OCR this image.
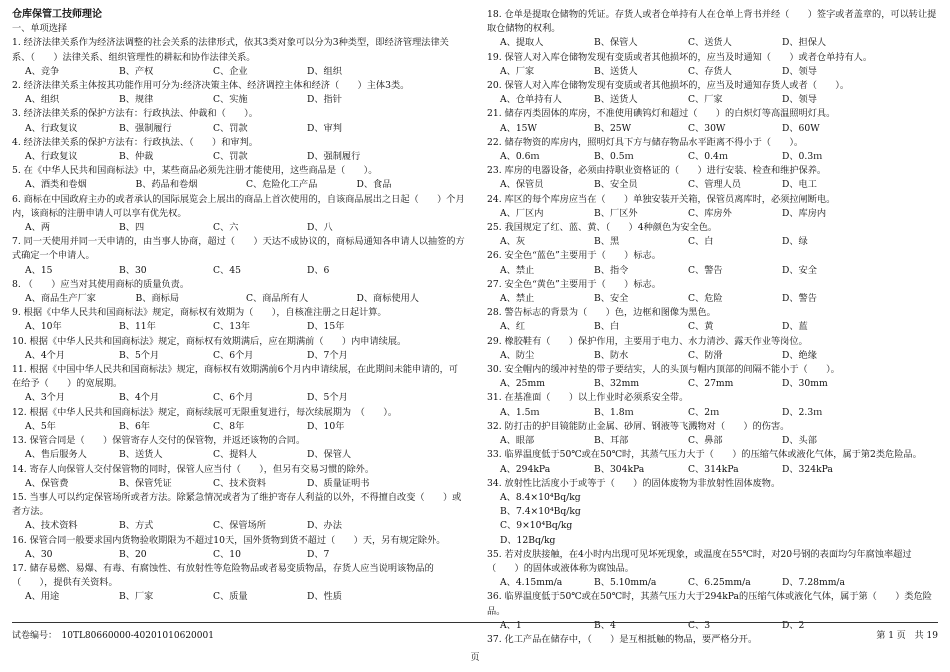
仓库保管工技师理论
一、单项选择
1. 经济法律关系作为经济法调整的社会关系的法律形式，依其3类对象可以分为3种类型，即经济管理法律关系、（　　）法律关系、组织管理性的耕耘和协作法律关系。
A、竞争	B、产权	C、企业	D、组织
2. 经济法律关系主体按其功能作用可分为:经济决策主体、经济调控主体和经济（　　）主体3类。
A、组织	B、规律	C、实施	D、指针
3. 经济法律关系的保护方法有：行政执法、仲裁和（　　）。
A、行政复议	B、强制履行	C、罚款	D、审判
4. 经济法律关系的保护方法有：行政执法、（　　）和审判。
A、行政复议	B、仲裁	C、罚款	D、强制履行
5. 在《中华人民共和国商标法》中，某些商品必须先注册才能使用，这些商品是（　　）。
A、酒类和卷烟	B、药品和卷烟	C、危险化工产品	D、食品
6. 商标在中国政府主办的或者承认的国际展览会上展出的商品上首次使用的，自该商品展出之日起（　　）个月内，该商标的注册申请人可以享有优先权。
A、两	B、四	C、六	D、八
7. 同一天使用并同一天申请的，由当事人协商，超过（　　）天达不成协议的，商标局通知各申请人以抽签的方式确定一个申请人。
A、15	B、30	C、45	D、6
8. （　　）应当对其使用商标的质量负责。
A、商品生产厂家	B、商标局	C、商品所有人	D、商标使用人
9. 根据《中华人民共和国商标法》规定，商标权有效期为（　　），自核准注册之日起计算。
A、10年	B、11年	C、13年	D、15年
10. 根据《中华人民共和国商标法》规定，商标权有效期满后，应在期满前（　　）内申请续展。
A、4个月	B、5个月	C、6个月	D、7个月
11. 根据《中国中华人民共和国商标法》规定，商标权有效期满前6个月内申请续展，在此期间未能申请的，可在给予（　　）的宽展期。
A、3个月	B、4个月	C、6个月	D、5个月
12. 根据《中华人民共和国商标法》规定，商标续展可无限重复进行，每次续展期为　（　　）。
A、5年	B、6年	C、8年	D、10年
13. 保管合同是（　　）保管寄存人交付的保管物，并返还该物的合同。
A、售后服务人	B、送货人	C、提料人	D、保管人
14. 寄存人向保管人交付保管物的同时，保管人应当付（　　），但另有交易习惯的除外。
A、保管费	B、保管凭证	C、技术资料	D、质量证明书
15. 当事人可以约定保管场所或者方法。除紧急情况或者为了维护寄存人利益的以外，不得擅自改变（　　）或者方法。
A、技术资料	B、方式	C、保管场所	D、办法
16. 保管合同一般要求国内货物验收期限为不超过10天，国外货物到货不超过（　　）天，另有规定除外。
A、30	B、20	C、10	D、7
17. 储存易燃、易爆、有毒、有腐蚀性、有放射性等危险物品或者易变质物品，存货人应当说明该物品的（　　），提供有关资料。
A、用途	B、厂家	C、质量	D、性质
18. 仓单是提取仓储物的凭证。存货人或者仓单持有人在仓单上背书并经（　　）签字或者盖章的，可以转让提取仓储物的权利。
A、提取人	B、保管人	C、送货人	D、担保人
19. 保管人对入库仓储物发现有变质或者其他损坏的，应当及时通知（　　）或者仓单持有人。
A、厂家	B、送货人	C、存货人	D、领导
20. 保管人对入库仓储物发现有变质或者其他损坏的，应当及时通知存货人或者（　　）。
A、仓单持有人	B、送货人	C、厂家	D、领导
21. 储存丙类固体的库房，不准使用碘钨灯和超过（　　）的白炽灯等高温照明灯具。
A、15W	B、25W	C、30W	D、60W
22. 储存物资的库房内，照明灯具下方与储存物品水平距离不得小于（　　）。
A、0.6ｍ	B、0.5ｍ	C、0.4ｍ	D、0.3ｍ
23. 库房的电器设备，必须由持职业资格证的（　　）进行安装、检查和维护保养。
A、保管员	B、安全员	C、管理人员	D、电工
24. 库区的每个库房应当在（　　）单独安装开关箱，保管员离库时，必须拉闸断电。
A、厂区内	B、厂区外	C、库房外	D、库房内
25. 我国规定了红、蓝、黄、（　　）4种颜色为安全色。
A、灰	B、黑	C、白	D、绿
26. 安全色“蓝色”主要用于（　　）标志。
A、禁止	B、指令	C、警告	D、安全
27. 安全色“黄色”主要用于（　　）标志。
A、禁止	B、安全	C、危险	D、警告
28. 警告标志的背景为（　　）色，边框和图像为黑色。
A、红	B、白	C、黄	D、蓝
29. 橡胶鞋有（　　）保护作用，主要用于电力、水力清沙、露天作业等岗位。
A、防尘	B、防水	C、防滑	D、绝缘
30. 安全帽内的缓冲衬垫的带子要结实，人的头顶与帽内顶部的间隔不能小于（　　）。
A、25mm	B、32mm	C、27mm	D、30mm
31. 在基准面（　　）以上作业时必须系安全带。
A、1.5ｍ	B、1.8ｍ	C、2ｍ	D、2.3ｍ
32. 防打击的护目镜能防止金属、砂屑、钢液等飞溅物对（　　）的伤害。
A、眼部	B、耳部	C、鼻部	D、头部
33. 临界温度低于50℃或在50℃时，其蒸气压力大于（　　）的压缩气体或液化气体，属于第2类危险品。
A、294kPa	B、304kPa	C、314kPa	D、324kPa
34. 放射性比活度小于或等于（　　）的固体废物为非放射性固体废物。
A、8.4×10⁴Bq/kg
B、7.4×10⁴Bq/kg
C、9×10⁴Bq/kg
D、12Bq/kg
35. 若对皮肤接触，在4小时内出现可见坏死现象，或温度在55℃时，对20号钢的表面均匀年腐蚀率超过（　　）的固体或液体称为腐蚀品。
A、4.15mm/a	B、5.10mm/a	C、6.25mm/a	D、7.28mm/a
36. 临界温度低于50℃或在50℃时，其蒸气压力大于294kPa的压缩气体或液化气体，属于第（　　）类危险品。
A、1	B、4	C、3	D、2
37. 化工产品在储存中，（　　）是互相抵触的物品，要严格分开。
试卷编号：　10TL80660000-40201010620001	第 1 页 共 19
页
